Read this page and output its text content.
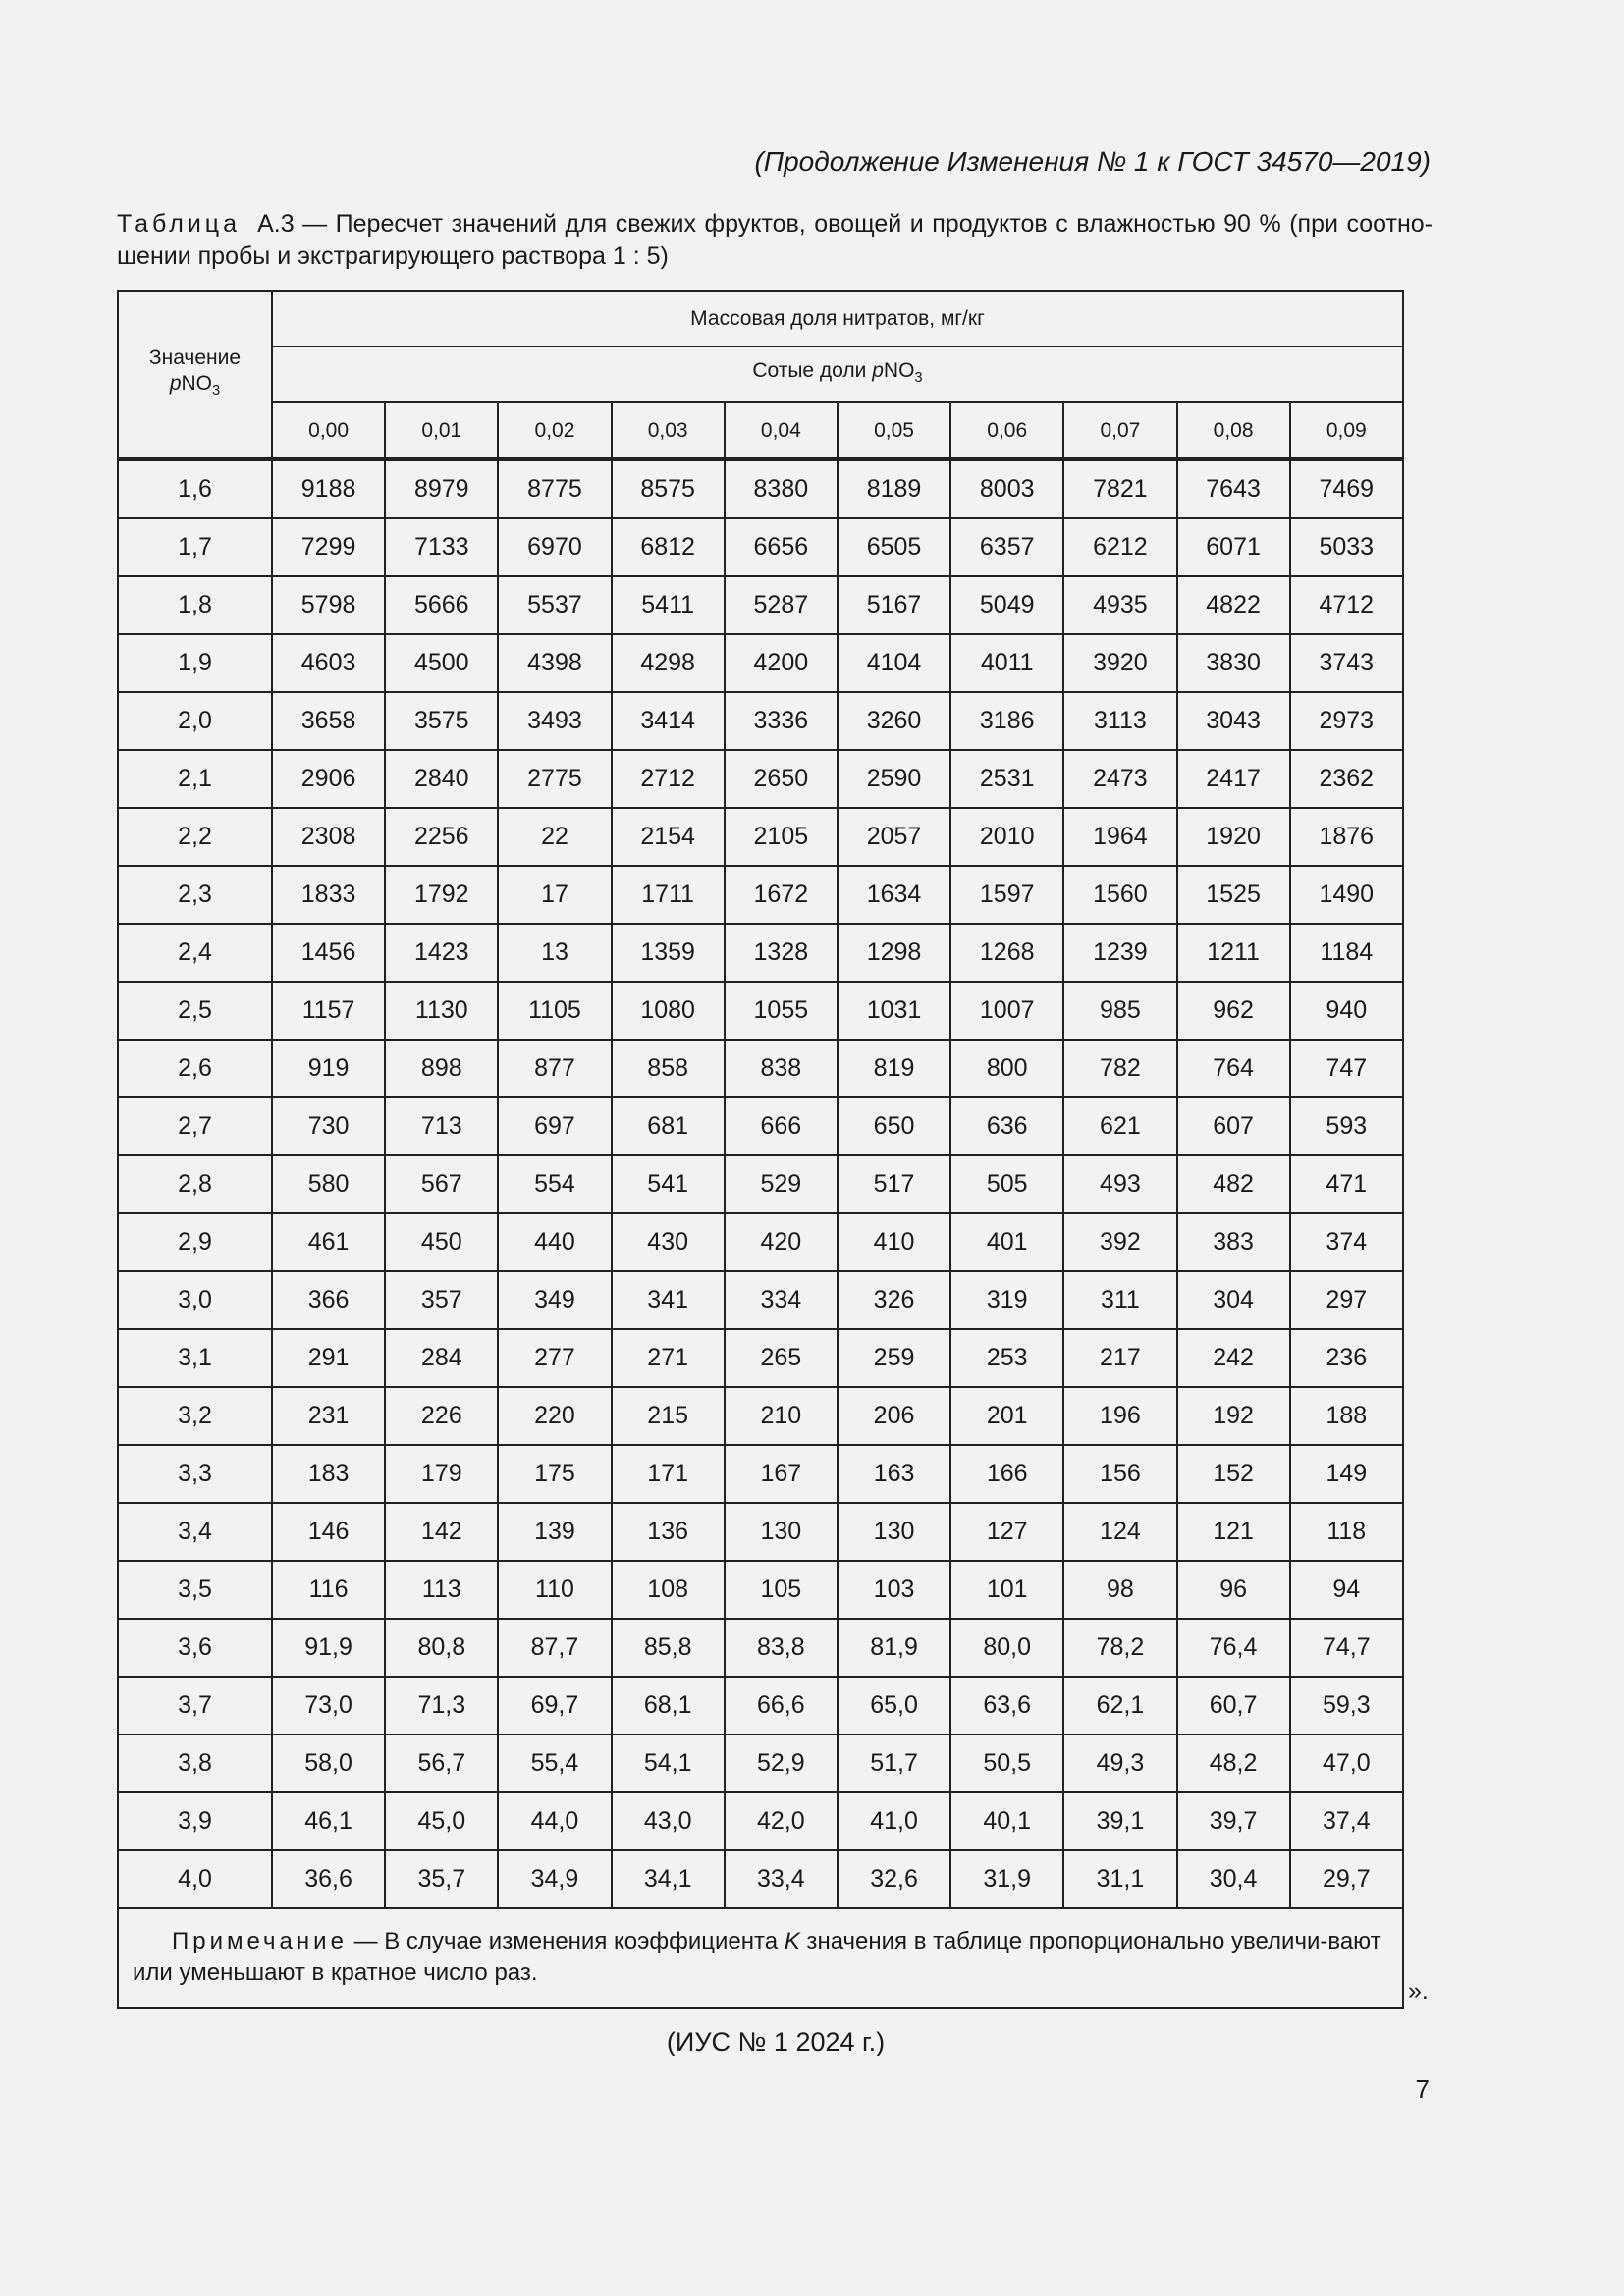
(Продолжение Изменения № 1 к ГОСТ 34570—2019)
Таблица А.3 — Пересчет значений для свежих фруктов, овощей и продуктов с влажностью 90 % (при соотно-шении пробы и экстрагирующего раствора 1 : 5)
Значение
pNO$_3$	Массовая доля нитратов, мг/кг									
	Сотые доли pNO$_3$
	0,00	0,01	0,02	0,03	0,04	0,05	0,06	0,07	0,08	0,09
1,6	9188	8979	8775	8575	8380	8189	8003	7821	7643	7469
1,7	7299	7133	6970	6812	6656	6505	6357	6212	6071	5033
1,8	5798	5666	5537	5411	5287	5167	5049	4935	4822	4712
1,9	4603	4500	4398	4298	4200	4104	4011	3920	3830	3743
2,0	3658	3575	3493	3414	3336	3260	3186	3113	3043	2973
2,1	2906	2840	2775	2712	2650	2590	2531	2473	2417	2362
2,2	2308	2256	22	2154	2105	2057	2010	1964	1920	1876
2,3	1833	1792	17	1711	1672	1634	1597	1560	1525	1490
2,4	1456	1423	13	1359	1328	1298	1268	1239	1211	1184
2,5	1157	1130	1105	1080	1055	1031	1007	985	962	940
2,6	919	898	877	858	838	819	800	782	764	747
2,7	730	713	697	681	666	650	636	621	607	593
2,8	580	567	554	541	529	517	505	493	482	471
2,9	461	450	440	430	420	410	401	392	383	374
3,0	366	357	349	341	334	326	319	311	304	297
3,1	291	284	277	271	265	259	253	217	242	236
3,2	231	226	220	215	210	206	201	196	192	188
3,3	183	179	175	171	167	163	166	156	152	149
3,4	146	142	139	136	130	130	127	124	121	118
3,5	116	113	110	108	105	103	101	98	96	94
3,6	91,9	80,8	87,7	85,8	83,8	81,9	80,0	78,2	76,4	74,7
3,7	73,0	71,3	69,7	68,1	66,6	65,0	63,6	62,1	60,7	59,3
3,8	58,0	56,7	55,4	54,1	52,9	51,7	50,5	49,3	48,2	47,0
3,9	46,1	45,0	44,0	43,0	42,0	41,0	40,1	39,1	39,7	37,4
4,0	36,6	35,7	34,9	34,1	33,4	32,6	31,9	31,1	30,4	29,7
Примечание — В случае изменения коэффициента K значения в таблице пропорционально увеличи-вают или уменьшают в кратное число раз.										
».
(ИУС № 1 2024 г.)
7
